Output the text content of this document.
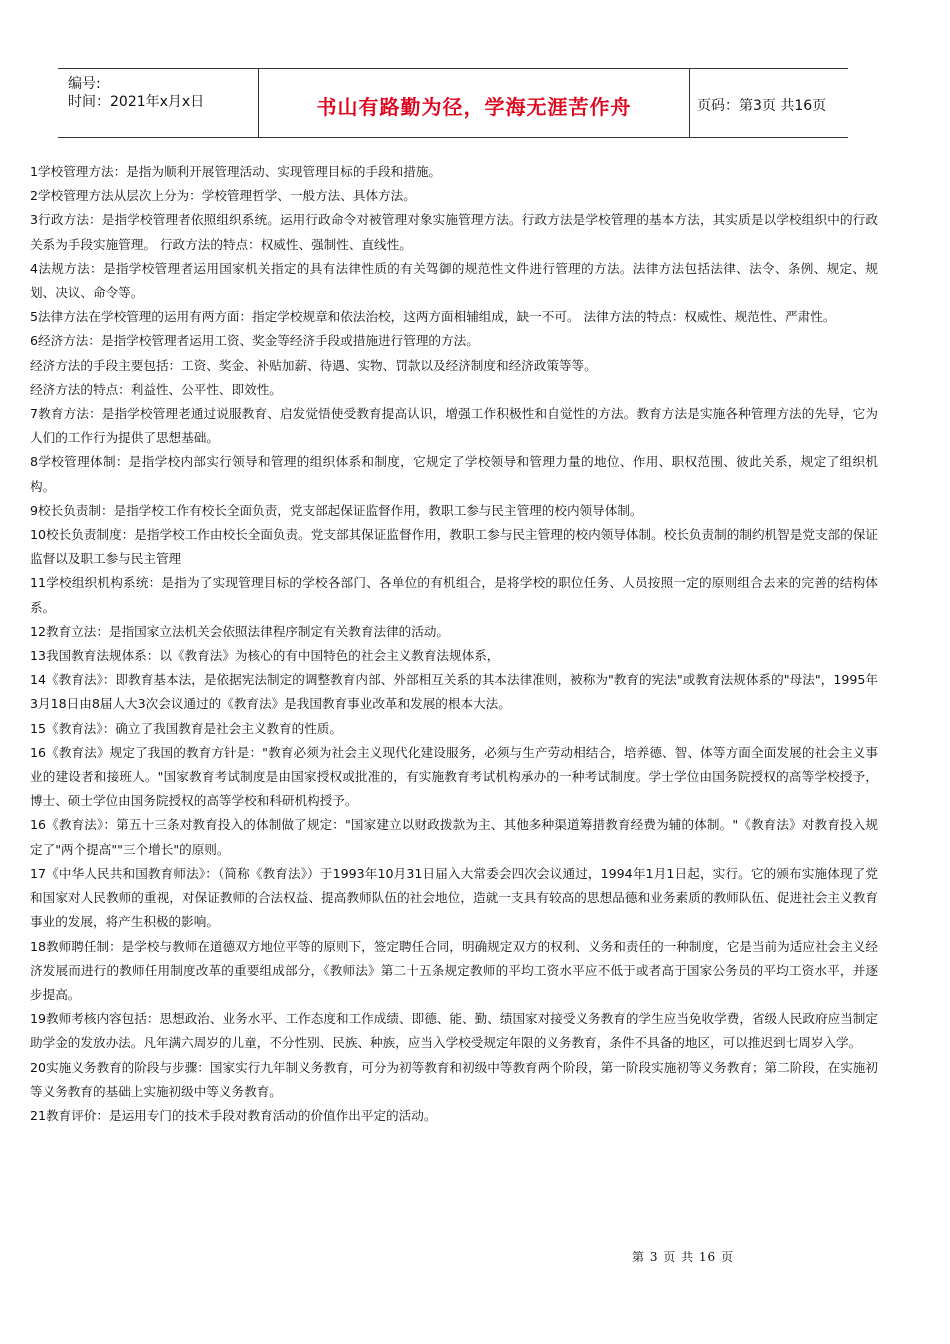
编号:
时间：2021年x月x日	书山有路勤为径，学海无涯苦作舟	页码：第3页 共16页

1学校管理方法：是指为顺利开展管理活动、实现管理目标的手段和措施。

2学校管理方法从层次上分为：学校管理哲学、一般方法、具体方法。

3行政方法：是指学校管理者依照组织系统。运用行政命令对被管理对象实施管理方法。行政方法是学校管理的基本方法，其实质是以学校组织中的行政关系为手段实施管理。 行政方法的特点：权威性、强制性、直线性。

4法规方法：是指学校管理者运用国家机关指定的具有法律性质的有关驾御的规范性文件进行管理的方法。法律方法包括法律、法令、条例、规定、规划、决议、命令等。

5法律方法在学校管理的运用有两方面：指定学校规章和依法治校，这两方面相辅组成，缺一不可。 法律方法的特点：权威性、规范性、严肃性。

6经济方法：是指学校管理者运用工资、奖金等经济手段或措施进行管理的方法。

经济方法的手段主要包括：工资、奖金、补贴加薪、待遇、实物、罚款以及经济制度和经济政策等等。

经济方法的特点：利益性、公平性、即效性。

7教育方法：是指学校管理老通过说服教育、启发觉悟使受教育提高认识，增强工作积极性和自觉性的方法。教育方法是实施各种管理方法的先导，它为人们的工作行为提供了思想基础。

8学校管理体制：是指学校内部实行领导和管理的组织体系和制度，它规定了学校领导和管理力量的地位、作用、职权范围、彼此关系，规定了组织机构。

9校长负责制：是指学校工作有校长全面负责，党支部起保证监督作用，教职工参与民主管理的校内领导体制。

10校长负责制度：是指学校工作由校长全面负责。党支部其保证监督作用，教职工参与民主管理的校内领导体制。校长负责制的制约机智是党支部的保证监督以及职工参与民主管理

11学校组织机构系统：是指为了实现管理目标的学校各部门、各单位的有机组合，是将学校的职位任务、人员按照一定的原则组合去来的完善的结构体系。

12教育立法：是指国家立法机关会依照法律程序制定有关教育法律的活动。

13我国教育法规体系：以《教育法》为核心的有中国特色的社会主义教育法规体系，

14《教育法》：即教育基本法，是依据宪法制定的调整教育内部、外部相互关系的其本法律准则，被称为"教育的宪法"或教育法规体系的"母法"，1995年3月18日由8届人大3次会议通过的《教育法》是我国教育事业改革和发展的根本大法。

15《教育法》：确立了我国教育是社会主义教育的性质。

16《教育法》规定了我国的教育方针是："教育必须为社会主义现代化建设服务，必须与生产劳动相结合，培养德、智、体等方面全面发展的社会主义事业的建设者和接班人。"国家教育考试制度是由国家授权或批准的，有实施教育考试机构承办的一种考试制度。学士学位由国务院授权的高等学校授予，博士、硕士学位由国务院授权的高等学校和科研机构授予。

16《教育法》：第五十三条对教育投入的体制做了规定："国家建立以财政拨款为主、其他多种渠道筹措教育经费为辅的体制。"《教育法》对教育投入规定了"两个提高""三个增长"的原则。

17《中华人民共和国教育师法》：（简称《教育法》）于1993年10月31日届入大常委会四次会议通过，1994年1月1日起，实行。它的颁布实施体现了党和国家对人民教师的重视，对保证教师的合法权益、提高教师队伍的社会地位，造就一支具有较高的思想品德和业务素质的教师队伍、促进社会主义教育事业的发展，将产生积极的影响。

18教师聘任制：是学校与教师在道德双方地位平等的原则下，签定聘任合同，明确规定双方的权利、义务和责任的一种制度，它是当前为适应社会主义经济发展而进行的教师任用制度改革的重要组成部分，《教师法》第二十五条规定教师的平均工资水平应不低于或者高于国家公务员的平均工资水平，并逐步提高。

19教师考核内容包括：思想政治、业务水平、工作态度和工作成绩、即德、能、勤、绩国家对接受义务教育的学生应当免收学费，省级人民政府应当制定助学金的发放办法。凡年满六周岁的儿童，不分性别、民族、种族，应当入学校受规定年限的义务教育，条件不具备的地区，可以推迟到七周岁入学。

20实施义务教育的阶段与步骤：国家实行九年制义务教育，可分为初等教育和初级中等教育两个阶段，第一阶段实施初等义务教育；第二阶段，在实施初等义务教育的基础上实施初级中等义务教育。

21教育评价：是运用专门的技术手段对教育活动的价值作出平定的活动。

第 3 页 共 16 页
